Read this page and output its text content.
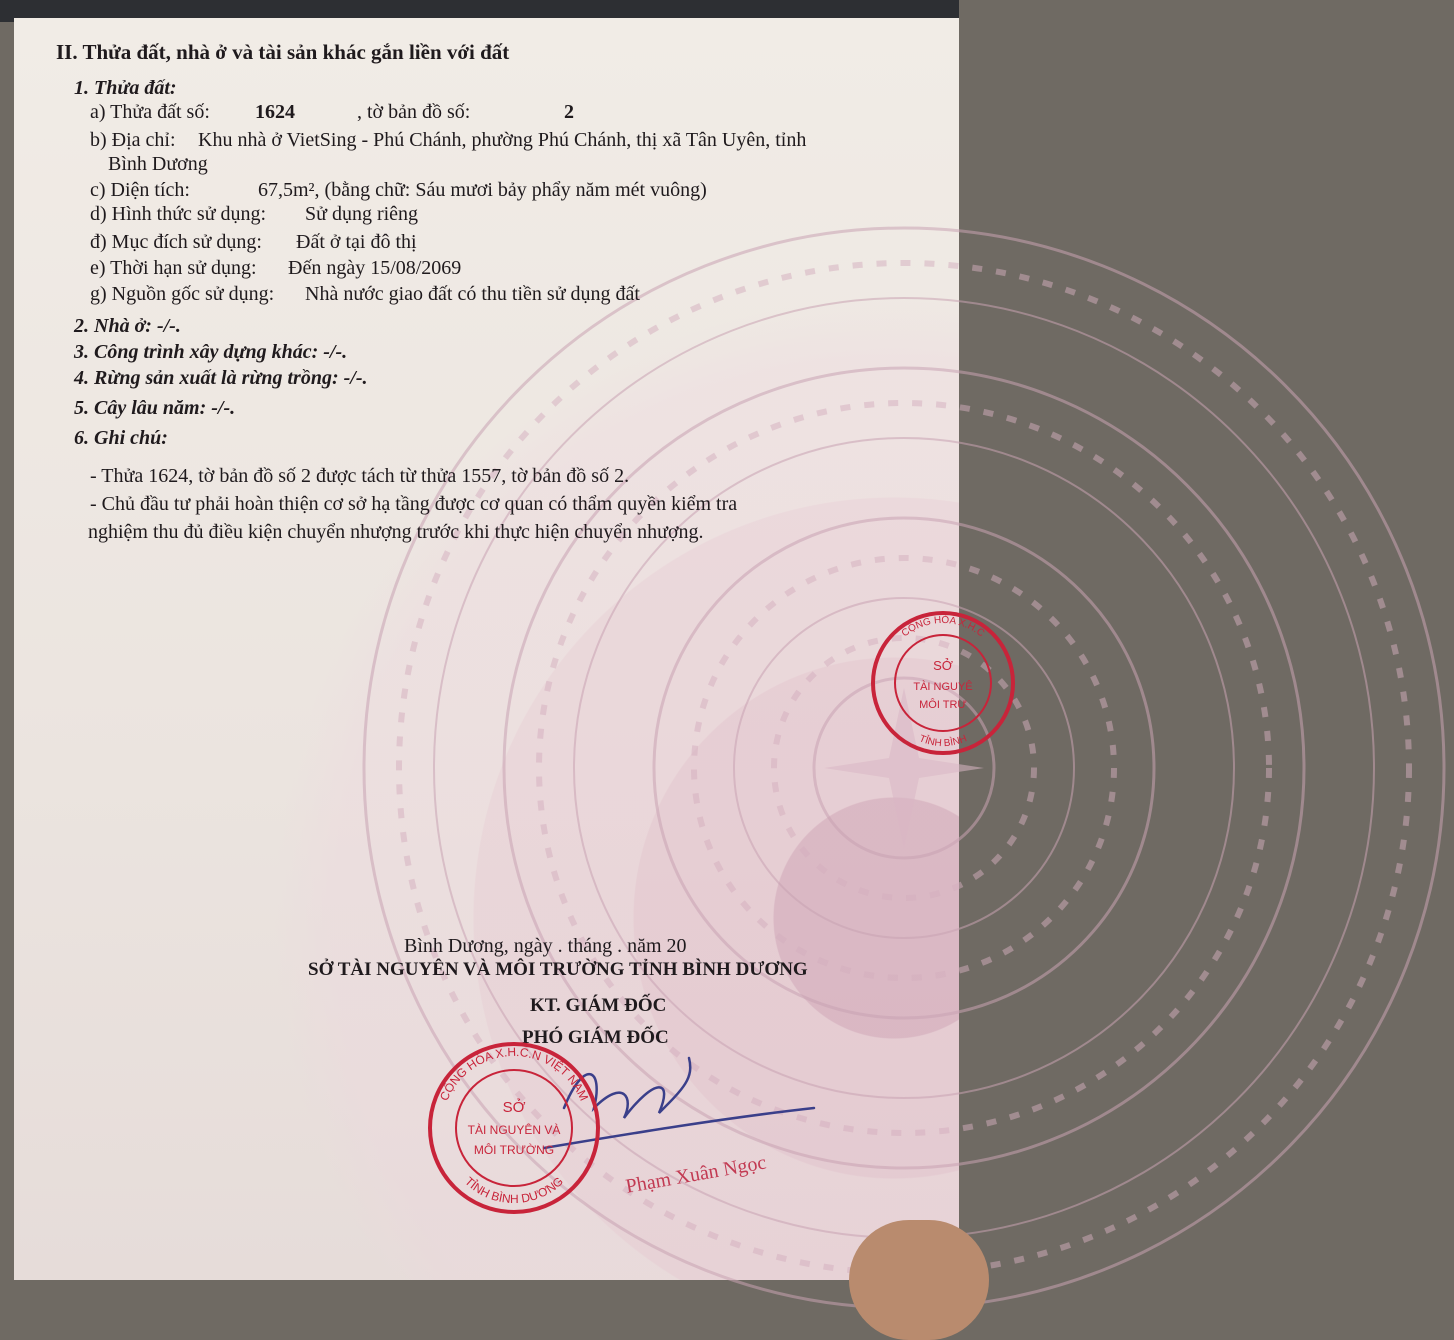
II. Thửa đất, nhà ở và tài sản khác gắn liền với đất
1. Thửa đất:
a) Thửa đất số: 1624	, tờ bản đồ số:	2
b) Địa chỉ: Khu nhà ở VietSing - Phú Chánh, phường Phú Chánh, thị xã Tân Uyên, tỉnh
Bình Dương
c) Diện tích:	67,5m², (bằng chữ: Sáu mươi bảy phẩy năm mét vuông)
d) Hình thức sử dụng: Sử dụng riêng
đ) Mục đích sử dụng: Đất ở tại đô thị
e) Thời hạn sử dụng: Đến ngày 15/08/2069
g) Nguồn gốc sử dụng: Nhà nước giao đất có thu tiền sử dụng đất
2. Nhà ở: -/-.
3. Công trình xây dựng khác: -/-.
4. Rừng sản xuất là rừng trồng: -/-.
5. Cây lâu năm: -/-.
6. Ghi chú:
- Thửa 1624, tờ bản đồ số 2 được tách từ thửa 1557, tờ bản đồ số 2.
- Chủ đầu tư phải hoàn thiện cơ sở hạ tầng được cơ quan có thẩm quyền kiểm tra
nghiệm thu đủ điều kiện chuyển nhượng trước khi thực hiện chuyển nhượng.
Bình Dương, ngày . tháng . năm 20
SỞ TÀI NGUYÊN VÀ MÔI TRƯỜNG TỈNH BÌNH DƯƠNG
KT. GIÁM ĐỐC
PHÓ GIÁM ĐỐC
Phạm Xuân Ngọc
CỘNG HÒA X.H.C.N VIỆT NAM
TỈNH BÌNH DƯƠNG
SỞ
TÀI NGUYÊN VÀ
MÔI TRƯỜNG
CỘNG HÒA X.H.C
TỈNH BÌNH
SỞ
TÀI NGUYÊ
MÔI TRƯ
